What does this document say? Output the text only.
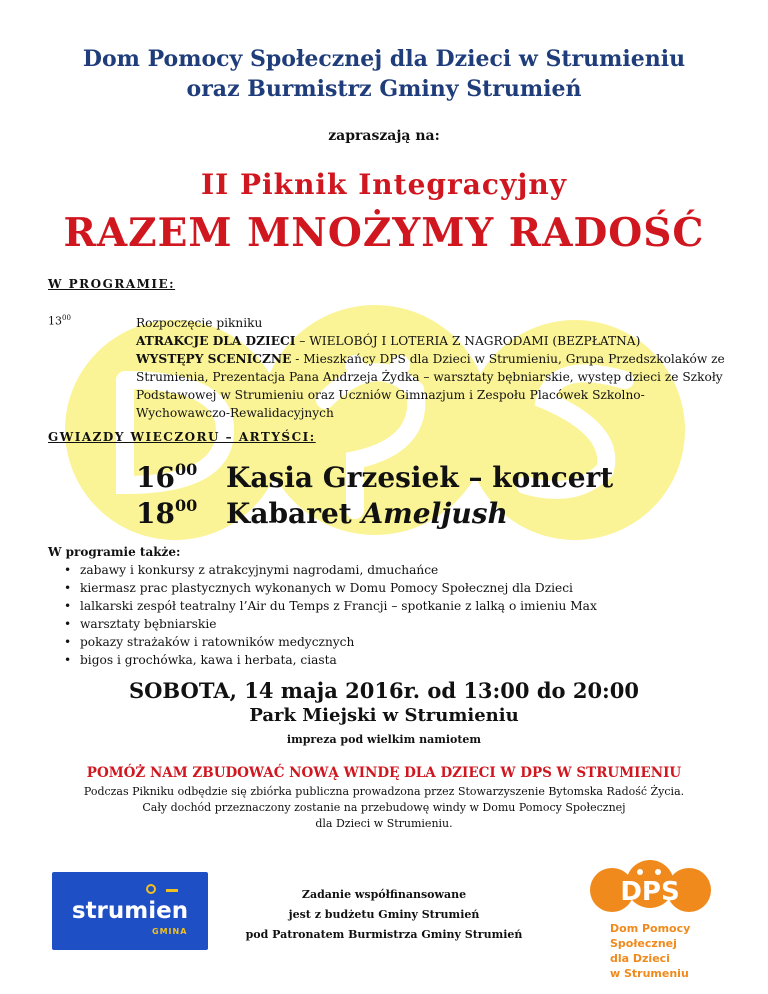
Dom Pomocy Społecznej dla Dzieci w Strumieniu
oraz Burmistrz Gminy Strumień
zapraszają na:
II Piknik Integracyjny
RAZEM MNOŻYMY RADOŚĆ
W PROGRAMIE:
$13^{00}$	Rozpoczęcie pikniku
ATRAKCJE DLA DZIECI – WIELOBÓJ I LOTERIA Z NAGRODAMI (BEZPŁATNA)
WYSTĘPY SCENICZNE - Mieszkańcy DPS dla Dzieci w Strumieniu, Grupa Przedszkolaków ze Strumienia, Prezentacja Pana Andrzeja Żydka – warsztaty bębniarskie, występ dzieci ze Szkoły Podstawowej w Strumieniu oraz Uczniów Gimnazjum i Zespołu Placówek Szkolno-Wychowawczo-Rewalidacyjnych
GWIAZDY WIECZORU – ARTYŚCI:
$16^{00}$ Kasia Grzesiek – koncert
$18^{00}$ Kabaret Ameljush
W programie także:
• zabawy i konkursy z atrakcyjnymi nagrodami, dmuchańce
• kiermasz prac plastycznych wykonanych w Domu Pomocy Społecznej dla Dzieci
• lalkarski zespół teatralny l’Air du Temps z Francji – spotkanie z lalką o imieniu Max
• warsztaty bębniarskie
• pokazy strażaków i ratowników medycznych
• bigos i grochówka, kawa i herbata, ciasta
SOBOTA, 14 maja 2016r. od 13:00 do 20:00
Park Miejski w Strumieniu
impreza pod wielkim namiotem
POMÓŻ NAM ZBUDOWAĆ NOWĄ WINDĘ DLA DZIECI W DPS W STRUMIENIU
Podczas Pikniku odbędzie się zbiórka publiczna prowadzona przez Stowarzyszenie Bytomska Radość Życia.
Cały dochód przeznaczony zostanie na przebudowę windy w Domu Pomocy Społecznej
dla Dzieci w Strumieniu.
strumien
GMINA
Zadanie współfinansowane
jest z budżetu Gminy Strumień
pod Patronatem Burmistrza Gminy Strumień
DPS
Dom Pomocy
Społecznej
dla Dzieci
w Strumeniu
